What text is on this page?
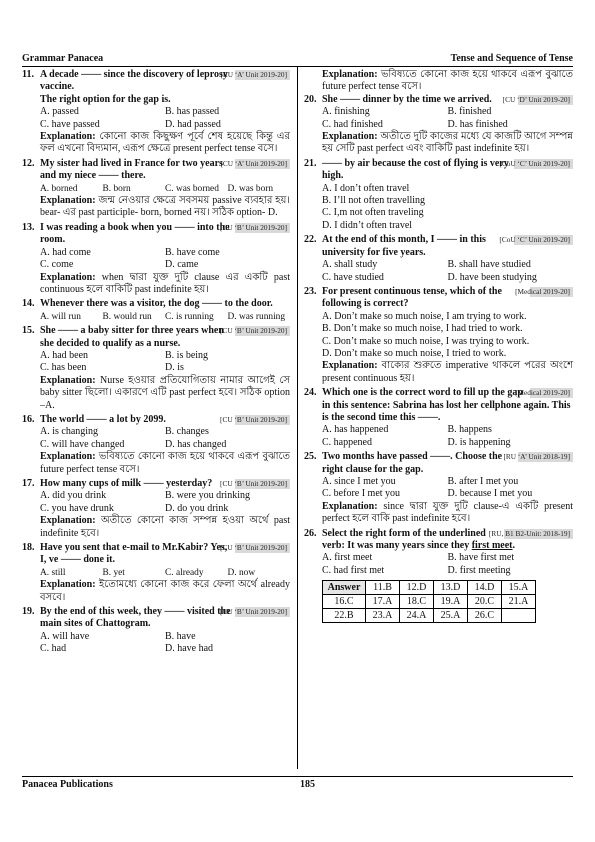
Grammar Panacea	Tense and Sequence of Tense
11.	[RU ‘A’ Unit 2019-20]
A decade —— since the discovery of leprosy vaccine.
The right option for the gap is.
A. passed	B. has passed
C. have passed	D. had passed
Explanation: কোনো কাজ কিছুক্ষণ পূর্বে শেষ হয়েছে কিন্তু এর ফল এখনো বিদ্যমান, এরূপ ক্ষেত্রে present perfect tense বসে।
12.	[CU ‘A’ Unit 2019-20]
My sister had lived in France for two years and my niece —— there.
A. borned	B. born	C. was borned D. was born
Explanation: জন্ম নেওয়ার ক্ষেত্রে সবসময় passive ব্যবহার হয়। bear- এর past participle- born, borned নয়। সঠিক option- D.
13.	[CU ‘B’ Unit 2019-20]
I was reading a book when you —— into the room.
A. had come	B. have come
C. come	D. came
Explanation: when দ্বারা যুক্ত দুটি clause এর একটি past continuous হলে বাকিটি past indefinite হয়।
14. Whenever there was a visitor, the dog —— to the door.
A. will run	B. would run	C. is running	D. was running
15.	[CU ‘B’ Unit 2019-20]
She —— a baby sitter for three years when she decided to qualify as a nurse.
A. had been	B. is being
C. has been	D. is
Explanation: Nurse হওয়ার প্রতিযোগিতায় নামার আগেই সে baby sitter ছিলো। একারণে এটি past perfect হবে। সঠিক option –A.
16.	[CU ‘B’ Unit 2019-20]
The world —— a lot by 2099.
A. is changing	B. changes
C. will have changed	D. has changed
Explanation: ভবিষ্যতে কোনো কাজ হয়ে থাকবে এরূপ বুঝাতে future perfect tense বসে।
17.	[CU ‘B’ Unit 2019-20]
How many cups of milk —— yesterday?
A. did you drink	B. were you drinking
C. you have drunk	D. do you drink
Explanation: অতীতে কোনো কাজ সম্পন্ন হওয়া অর্থে past indefinite হবে।
18.	[CU ‘B’ Unit 2019-20]
Have you sent that e-mail to Mr.Kabir? Yes, I, ve —— done it.
A. still	B. yet	C. already	D. now
Explanation: ইতোমধ্যে কোনো কাজ করে ফেলা অর্থে already বসবে।
19.	[CU ‘B’ Unit 2019-20]
By the end of this week, they —— visited the main sites of Chattogram.
A. will have	B. have
C. had	D. have had
Explanation: ভবিষ্যতে কোনো কাজ হয়ে থাকবে এরূপ বুঝাতে future perfect tense বসে।
20.	[CU ‘D’ Unit 2019-20]
She —— dinner by the time we arrived.
A. finishing	B. finished
C. had finished	D. has finished
Explanation: অতীতে দুটি কাজের মধ্যে যে কাজটি আগে সম্পন্ন হয় সেটি past perfect এবং বাকিটি past indefinite হয়।
21.	[CoU ‘C’ Unit 2019-20]
—— by air because the cost of flying is very high.
A. I don’t often travel
B. I’ll not often travelling
C. I,m not often traveling
D. I didn’t often travel
22.	[CoU ‘C’ Unit 2019-20]
At the end of this month, I —— in this university for five years.
A. shall study	B. shall have studied
C. have studied	D. have been studying
23.	[Medical 2019-20]
For present continuous tense, which of the following is correct?
A. Don’t make so much noise, I am trying to work.
B. Don’t make so much noise, I had tried to work.
C. Don’t make so much noise, I was trying to work.
D. Don’t make so much noise, I tried to work.
Explanation: বাক্যের শুরুতে imperative থাকলে পরের অংশে present continuous হয়।
24.	[Medical 2019-20]
Which one is the correct word to fill up the gap in this sentence: Sabrina has lost her cellphone again. This is the second time this ——.
A. has happened	B. happens
C. happened	D. is happening
25.	[RU ‘A’ Unit 2018-19]
Two months have passed ——. Choose the right clause for the gap.
A. since I met you	B. after I met you
C. before I met you	D. because I met you
Explanation: since দ্বারা যুক্ত দুটি clause-এ একটি present perfect হলে বাকি past indefinite হবে।
26.	[RU, B1 B2-Unit: 2018-19]
Select the right form of the underlined verb: It was many years since they first meet.
A. first meet	B. have first met
C. had first met	D. first meeting
Answer	11.B	12.D	13.D	14.D	15.A
16.C	17.A	18.C	19.A	20.C	21.A
22.B	23.A	24.A	25.A	26.C	
Panacea Publications	185
